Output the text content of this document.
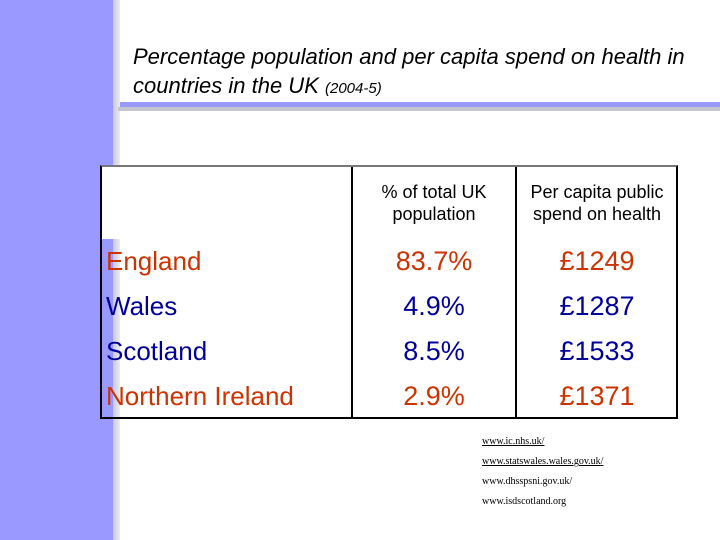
Percentage population and per capita spend on health in countries in the UK (2004-5)
	% of total UK population	Per capita public spend on health
England	83.7%	£1249
Wales	4.9%	£1287
Scotland	8.5%	£1533
Northern Ireland	2.9%	£1371
www.ic.nhs.uk/
www.statswales.wales.gov.uk/
www.dhsspsni.gov.uk/
www.isdscotland.org
